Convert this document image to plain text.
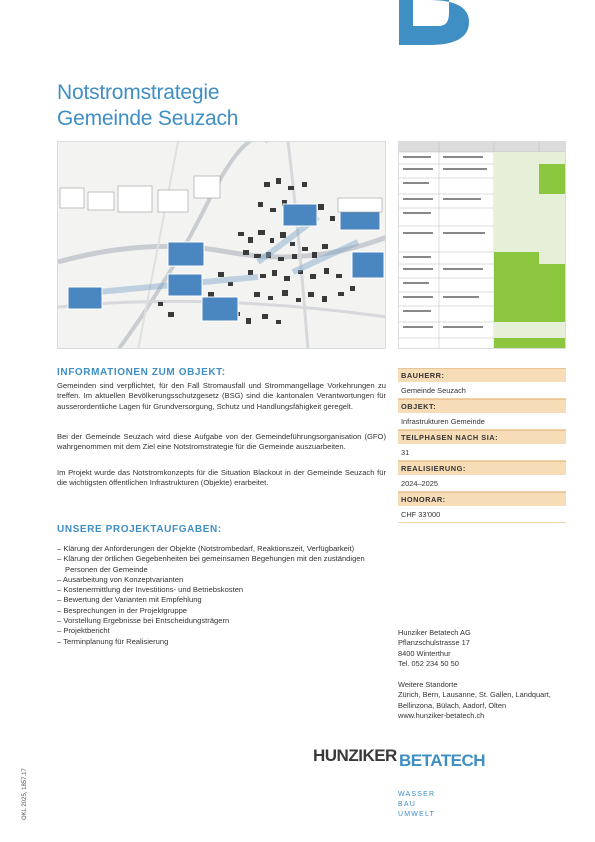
Notstromstrategie
Gemeinde Seuzach
INFORMATIONEN ZUM OBJEKT:

Gemeinden sind verpflichtet, für den Fall Stromausfall und Strommangellage Vorkehrungen zu treffen. Im aktuellen Bevölkerungsschutzgesetz (BSG) sind die kantonalen Verantwortungen für ausserordentliche Lagen für Grundversorgung, Schutz und Handlungsfähigkeit geregelt.

Bei der Gemeinde Seuzach wird diese Aufgabe von der Gemeindeführungsorganisation (GFO) wahrgenommen mit dem Ziel eine Notstromstrategie für die Gemeinde auszuarbeiten.

Im Projekt wurde das Notstromkonzepts für die Situation Blackout in der Gemeinde Seuzach für die wichtigsten öffentlichen Infrastrukturen (Objekte) erarbeitet.

UNSERE PROJEKTAUFGABEN:
– Klärung der Anforderungen der Objekte (Notstrombedarf, Reaktionszeit, Verfügbarkeit)
– Klärung der örtlichen Gegebenheiten bei gemeinsamen Begehungen mit den zuständigen Personen der Gemeinde
– Ausarbeitung von Konzeptvarianten
– Kostenermittlung der Investitions- und Betriebskosten
– Bewertung der Varianten mit Empfehlung
– Besprechungen in der Projektgruppe
– Vorstellung Ergebnisse bei Entscheidungsträgern
– Projektbericht
– Terminplanung für Realisierung
BAUHERR:
Gemeinde Seuzach
OBJEKT:
Infrastrukturen Gemeinde
TEILPHASEN NACH SIA:
31
REALISIERUNG:
2024–2025
HONORAR:
CHF 33'000
Hunziker Betatech AG
Pflanzschulstrasse 17
8400 Winterthur
Tel. 052 234 50 50
Weitere Standorte
Zürich, Bern, Lausanne, St. Gallen, Landquart, Bellinzona, Bülach, Aadorf, Olten
www.hunziker-betatech.ch
HUNZIKER BETATECH
WASSER
BAU
UMWELT
OKL 2025, 1857.17
